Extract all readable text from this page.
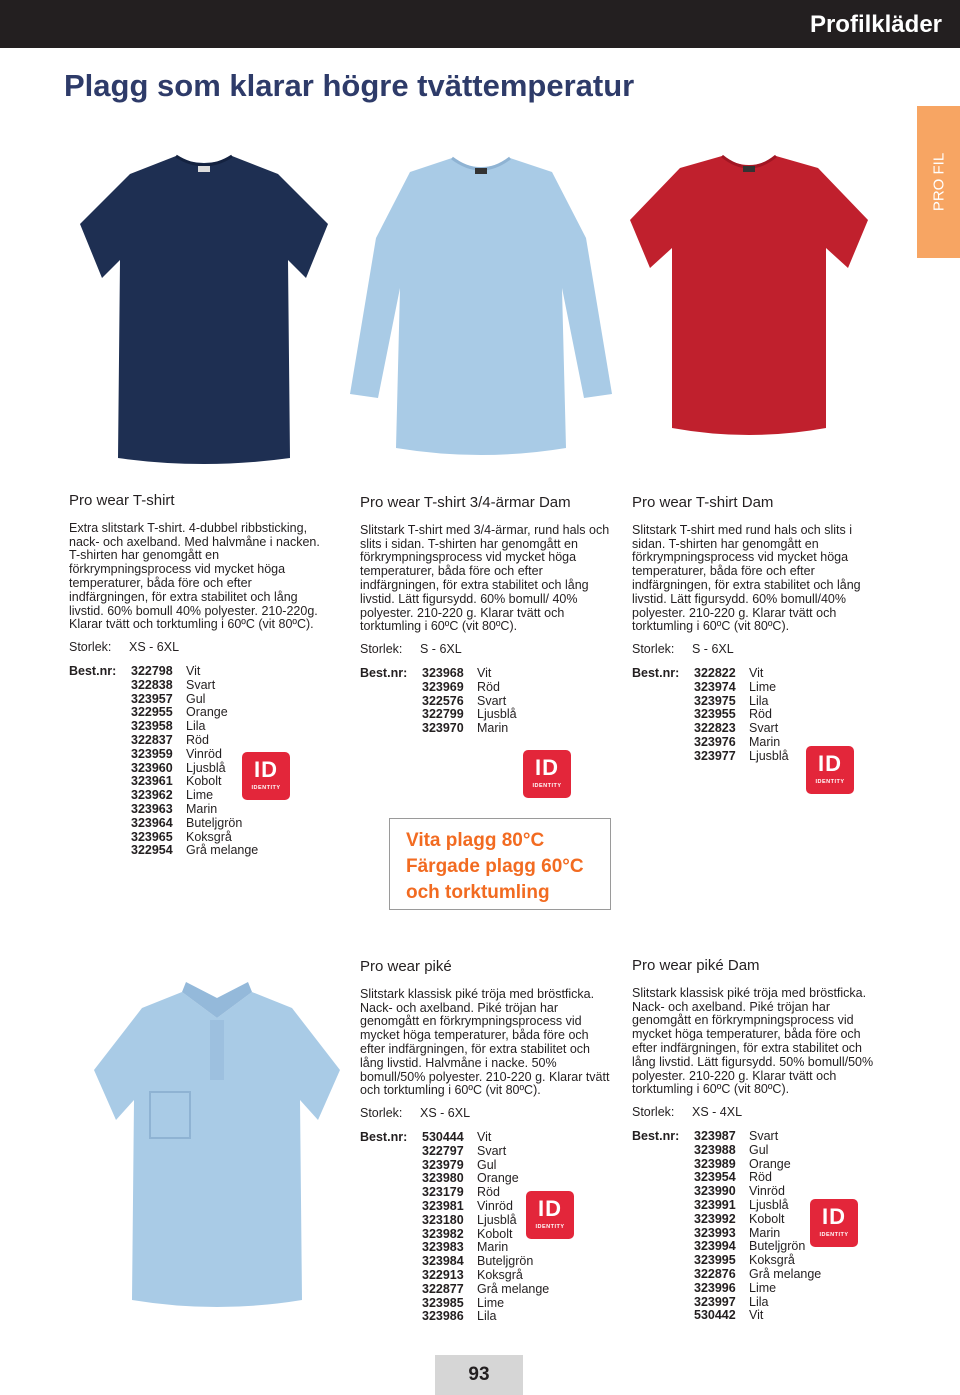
Profilkläder
Plagg som klarar högre tvättemperatur
PRO FIL
Pro wear T-shirt
Extra slitstark T-shirt. 4-dubbel ribbsticking, nack- och axelband. Med halvmåne i nacken. T-shirten har genomgått en förkrympningsprocess vid mycket höga temperaturer, båda före och efter indfärgningen, för extra stabilitet och lång livstid. 60% bomull 40% polyester. 210-220g. Klarar tvätt och torktumling i 60ºC (vit 80ºC).
Storlek:	XS - 6XL
Best.nr:	322798	Vit
322838	Svart
323957	Gul
322955	Orange
323958	Lila
322837	Röd
323959	Vinröd
323960	Ljusblå
323961	Kobolt
323962	Lime
323963	Marin
323964	Buteljgrön
323965	Koksgrå
322954	Grå melange
Pro wear T-shirt 3/4-ärmar Dam
Slitstark T-shirt med 3/4-ärmar, rund hals och slits i sidan. T-shirten har genomgått en förkrympningsprocess vid mycket höga temperaturer, båda före och efter indfärgningen, för extra stabilitet och lång livstid. Lätt figursydd. 60% bomull/ 40% polyester. 210-220 g. Klarar tvätt och torktumling i 60ºC (vit 80ºC).
Storlek:	S - 6XL
Best.nr:	323968	Vit
323969	Röd
322576	Svart
322799	Ljusblå
323970	Marin
Pro wear T-shirt Dam
Slitstark T-shirt med rund hals och slits i sidan. T-shirten har genomgått en förkrympningsprocess vid mycket höga temperaturer, båda före och efter indfärgningen, för extra stabilitet och lång livstid. Lätt figursydd. 60% bomull/40% polyester. 210-220 g. Klarar tvätt och torktumling i 60ºC (vit 80ºC).
Storlek:	S - 6XL
Best.nr:	322822	Vit
323974	Lime
323975	Lila
323955	Röd
322823	Svart
323976	Marin
323977	Ljusblå
Pro wear piké
Slitstark klassisk piké tröja med bröstficka. Nack- och axelband. Piké tröjan har genomgått en förkrympningsprocess vid mycket höga temperaturer, båda före och efter indfärgningen, för extra stabilitet och lång livstid. Halvmåne i nacke. 50% bomull/50% polyester. 210-220 g. Klarar tvätt och torktumling i 60ºC (vit 80ºC).
Storlek:	XS - 6XL
Best.nr:	530444	Vit
322797	Svart
323979	Gul
323980	Orange
323179	Röd
323981	Vinröd
323180	Ljusblå
323982	Kobolt
323983	Marin
323984	Buteljgrön
322913	Koksgrå
322877	Grå melange
323985	Lime
323986	Lila
Pro wear piké Dam
Slitstark klassisk piké tröja med bröstficka. Nack- och axelband. Piké tröjan har genomgått en förkrympningsprocess vid mycket höga temperaturer, båda före och efter indfärgningen, för extra stabilitet och lång livstid. Lätt figursydd. 50% bomull/50% polyester. 210-220 g. Klarar tvätt och torktumling i 60ºC (vit 80ºC).
Storlek:	XS - 4XL
Best.nr:	323987	Svart
323988	Gul
323989	Orange
323954	Röd
323990	Vinröd
323991	Ljusblå
323992	Kobolt
323993	Marin
323994	Buteljgrön
323995	Koksgrå
322876	Grå melange
323996	Lime
323997	Lila
530442	Vit
ID
IDENTITY
ID
IDENTITY
ID
IDENTITY
ID
IDENTITY	ID
IDENTITY
Vita plagg 80°C
Färgade plagg 60°C
och torktumling
93
